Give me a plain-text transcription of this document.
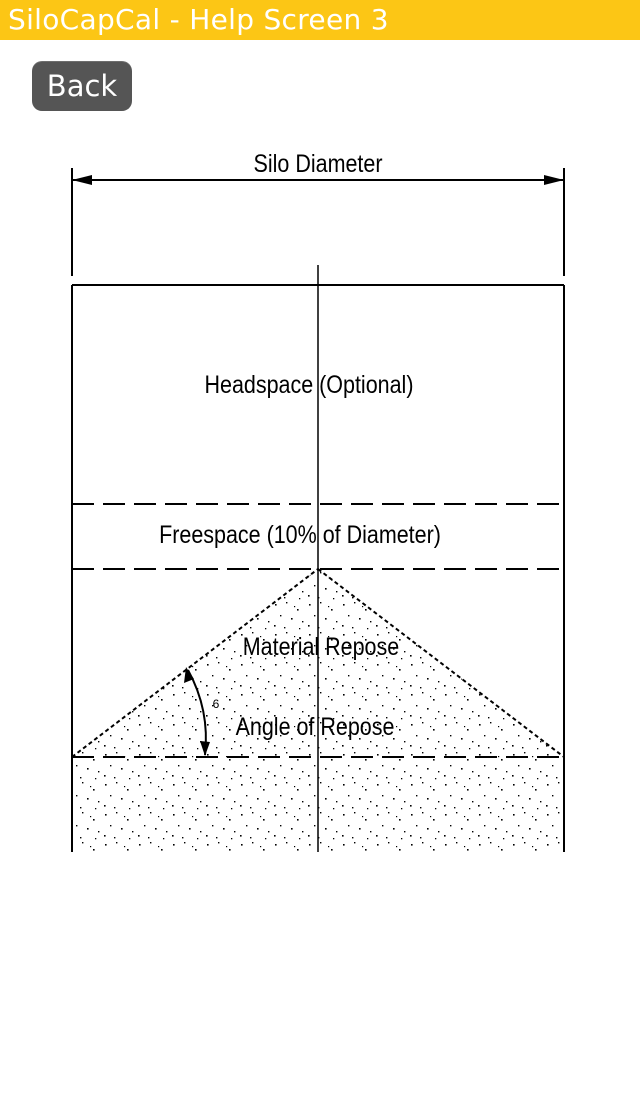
SiloCapCal - Help Screen 3
Back
Silo Diameter
Headspace (Optional)
Freespace (10% of Diameter)
Material Repose
Angle of Repose
6
